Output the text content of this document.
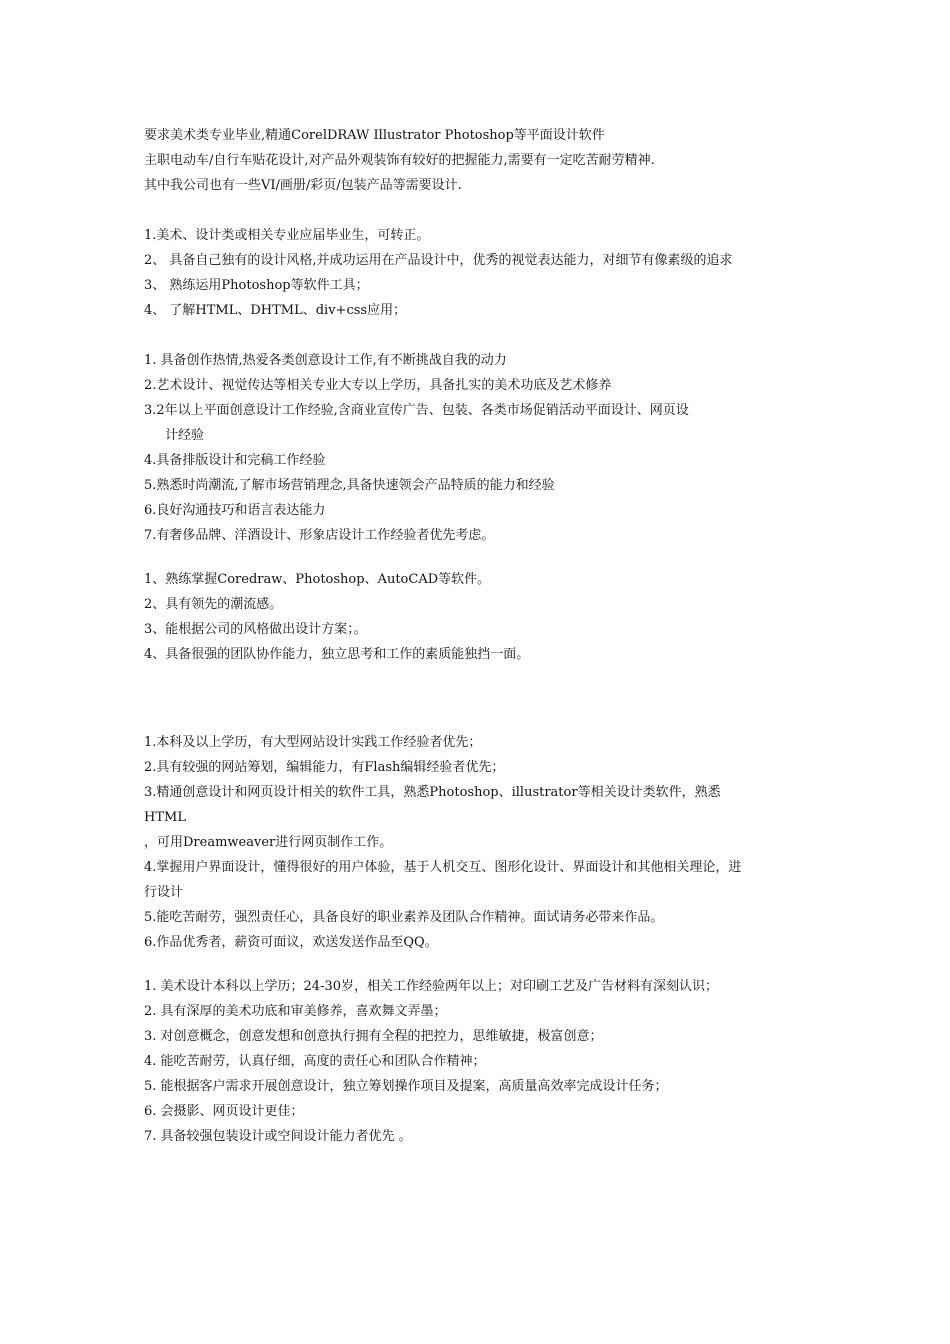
要求美术类专业毕业,精通CorelDRAW Illustrator Photoshop等平面设计软件
主职电动车/自行车贴花设计,对产品外观装饰有较好的把握能力,需要有一定吃苦耐劳精神.
其中我公司也有一些VI/画册/彩页/包装产品等需要设计.
1.美术、设计类或相关专业应届毕业生，可转正。
2、 具备自己独有的设计风格,并成功运用在产品设计中，优秀的视觉表达能力，对细节有像素级的追求
3、 熟练运用Photoshop等软件工具；
4、 了解HTML、DHTML、div+css应用；
1. 具备创作热情,热爱各类创意设计工作,有不断挑战自我的动力
2.艺术设计、视觉传达等相关专业大专以上学历，具备扎实的美术功底及艺术修养
3.2年以上平面创意设计工作经验,含商业宣传广告、包装、各类市场促销活动平面设计、网页设
计经验
4.具备排版设计和完稿工作经验
5.熟悉时尚潮流,了解市场营销理念,具备快速领会产品特质的能力和经验
6.良好沟通技巧和语言表达能力
7.有奢侈品牌、洋酒设计、形象店设计工作经验者优先考虑。
1、熟练掌握Coredraw、Photoshop、AutoCAD等软件。
2、具有领先的潮流感。
3、能根据公司的风格做出设计方案；。
4、具备很强的团队协作能力，独立思考和工作的素质能独挡一面。
1.本科及以上学历，有大型网站设计实践工作经验者优先；
2.具有较强的网站筹划，编辑能力，有Flash编辑经验者优先；
3.精通创意设计和网页设计相关的软件工具，熟悉Photoshop、illustrator等相关设计类软件，熟悉
HTML
，可用Dreamweaver进行网页制作工作。
4.掌握用户界面设计，懂得很好的用户体验，基于人机交互、图形化设计、界面设计和其他相关理论，进
行设计
5.能吃苦耐劳，强烈责任心，具备良好的职业素养及团队合作精神。面试请务必带来作品。
6.作品优秀者，薪资可面议，欢送发送作品至QQ。
1. 美术设计本科以上学历；24-30岁，相关工作经验两年以上；对印刷工艺及广告材料有深刻认识；
2. 具有深厚的美术功底和审美修养，喜欢舞文弄墨；
3. 对创意概念，创意发想和创意执行拥有全程的把控力，思维敏捷，极富创意；
4. 能吃苦耐劳，认真仔细，高度的责任心和团队合作精神；
5. 能根据客户需求开展创意设计，独立筹划操作项目及提案，高质量高效率完成设计任务；
6. 会摄影、网页设计更佳；
7. 具备较强包装设计或空间设计能力者优先 。
